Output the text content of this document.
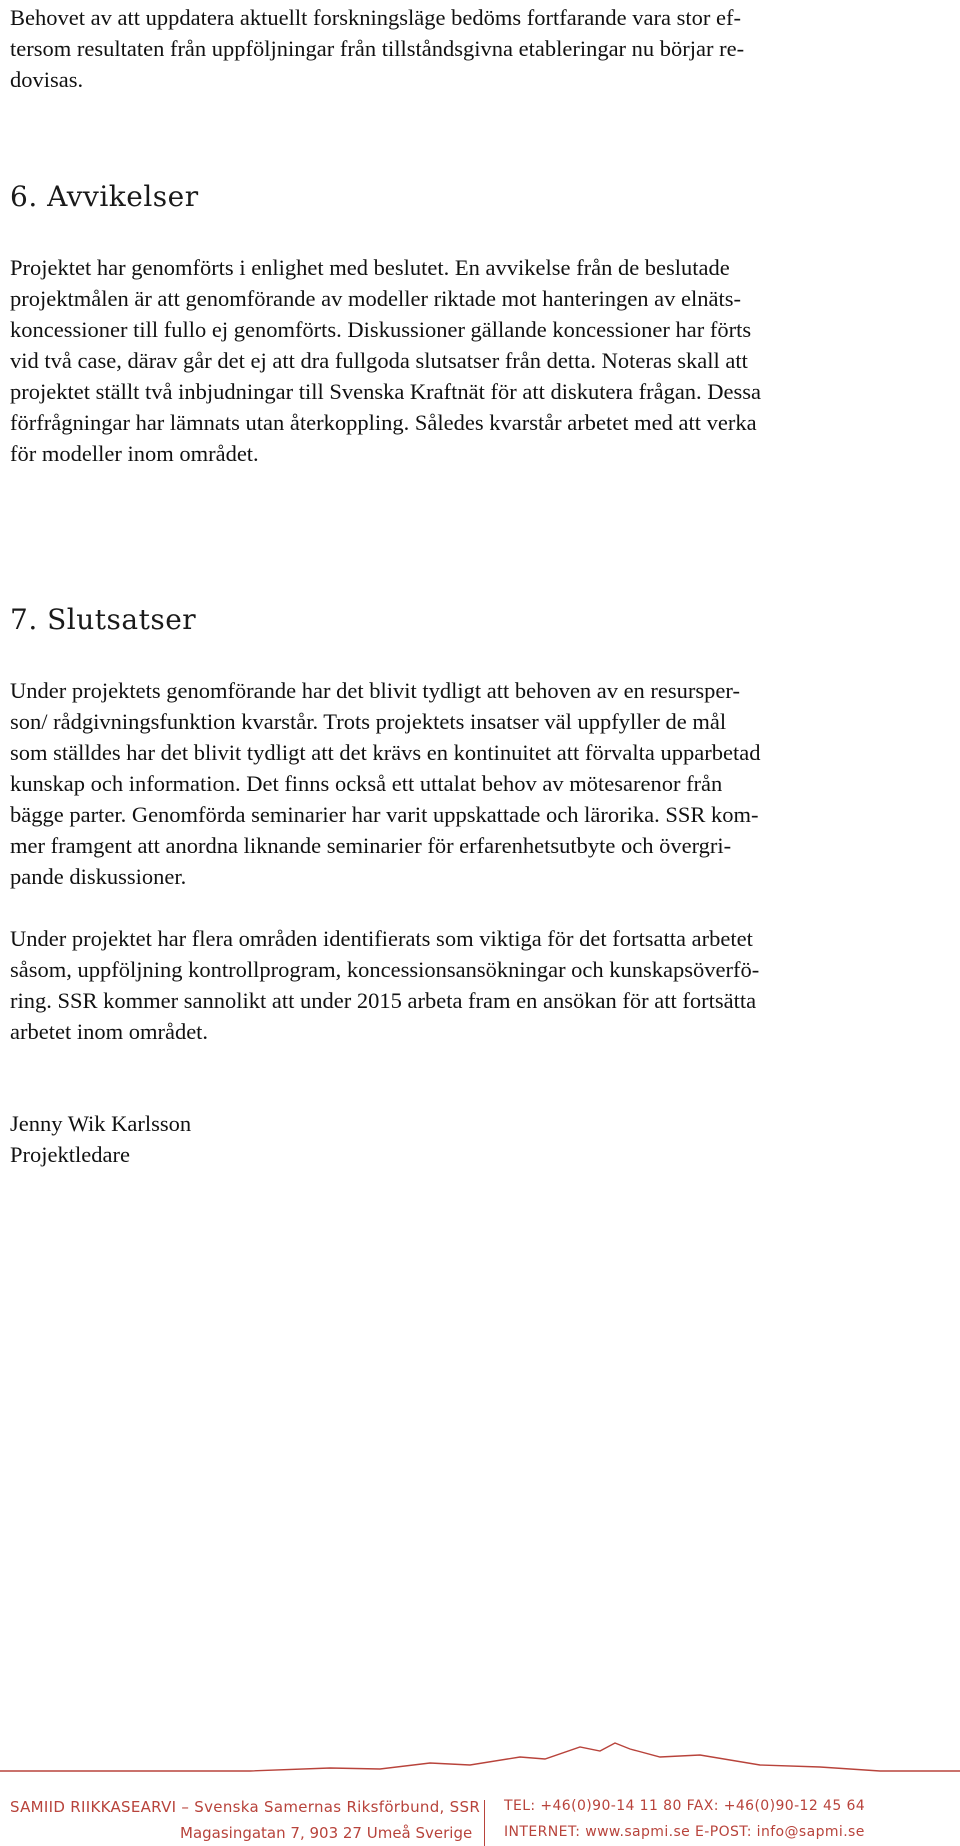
Behovet av att uppdatera aktuellt forskningsläge bedöms fortfarande vara stor ef-
tersom resultaten från uppföljningar från tillståndsgivna etableringar nu börjar re-
dovisas.
6. Avvikelser
Projektet har genomförts i enlighet med beslutet. En avvikelse från de beslutade
projektmålen är att genomförande av modeller riktade mot hanteringen av elnäts-
koncessioner till fullo ej genomförts. Diskussioner gällande koncessioner har förts
vid två case, därav går det ej att dra fullgoda slutsatser från detta. Noteras skall att
projektet ställt två inbjudningar till Svenska Kraftnät för att diskutera frågan. Dessa
förfrågningar har lämnats utan återkoppling. Således kvarstår arbetet med att verka
för modeller inom området.
7. Slutsatser
Under projektets genomförande har det blivit tydligt att behoven av en resursper-
son/ rådgivningsfunktion kvarstår. Trots projektets insatser väl uppfyller de mål
som ställdes har det blivit tydligt att det krävs en kontinuitet att förvalta upparbetad
kunskap och information. Det finns också ett uttalat behov av mötesarenor från
bägge parter. Genomförda seminarier har varit uppskattade och lärorika. SSR kom-
mer framgent att anordna liknande seminarier för erfarenhetsutbyte och övergri-
pande diskussioner.
Under projektet har flera områden identifierats som viktiga för det fortsatta arbetet
såsom, uppföljning kontrollprogram, koncessionsansökningar och kunskapsöverfö-
ring. SSR kommer sannolikt att under 2015 arbeta fram en ansökan för att fortsätta
arbetet inom området.
Jenny Wik Karlsson
Projektledare
SAMIID RIIKKASEARVI – Svenska Samernas Riksförbund, SSR
Magasingatan 7, 903 27 Umeå Sverige
TEL: +46(0)90-14 11 80 FAX: +46(0)90-12 45 64
INTERNET: www.sapmi.se E-POST: info@sapmi.se
